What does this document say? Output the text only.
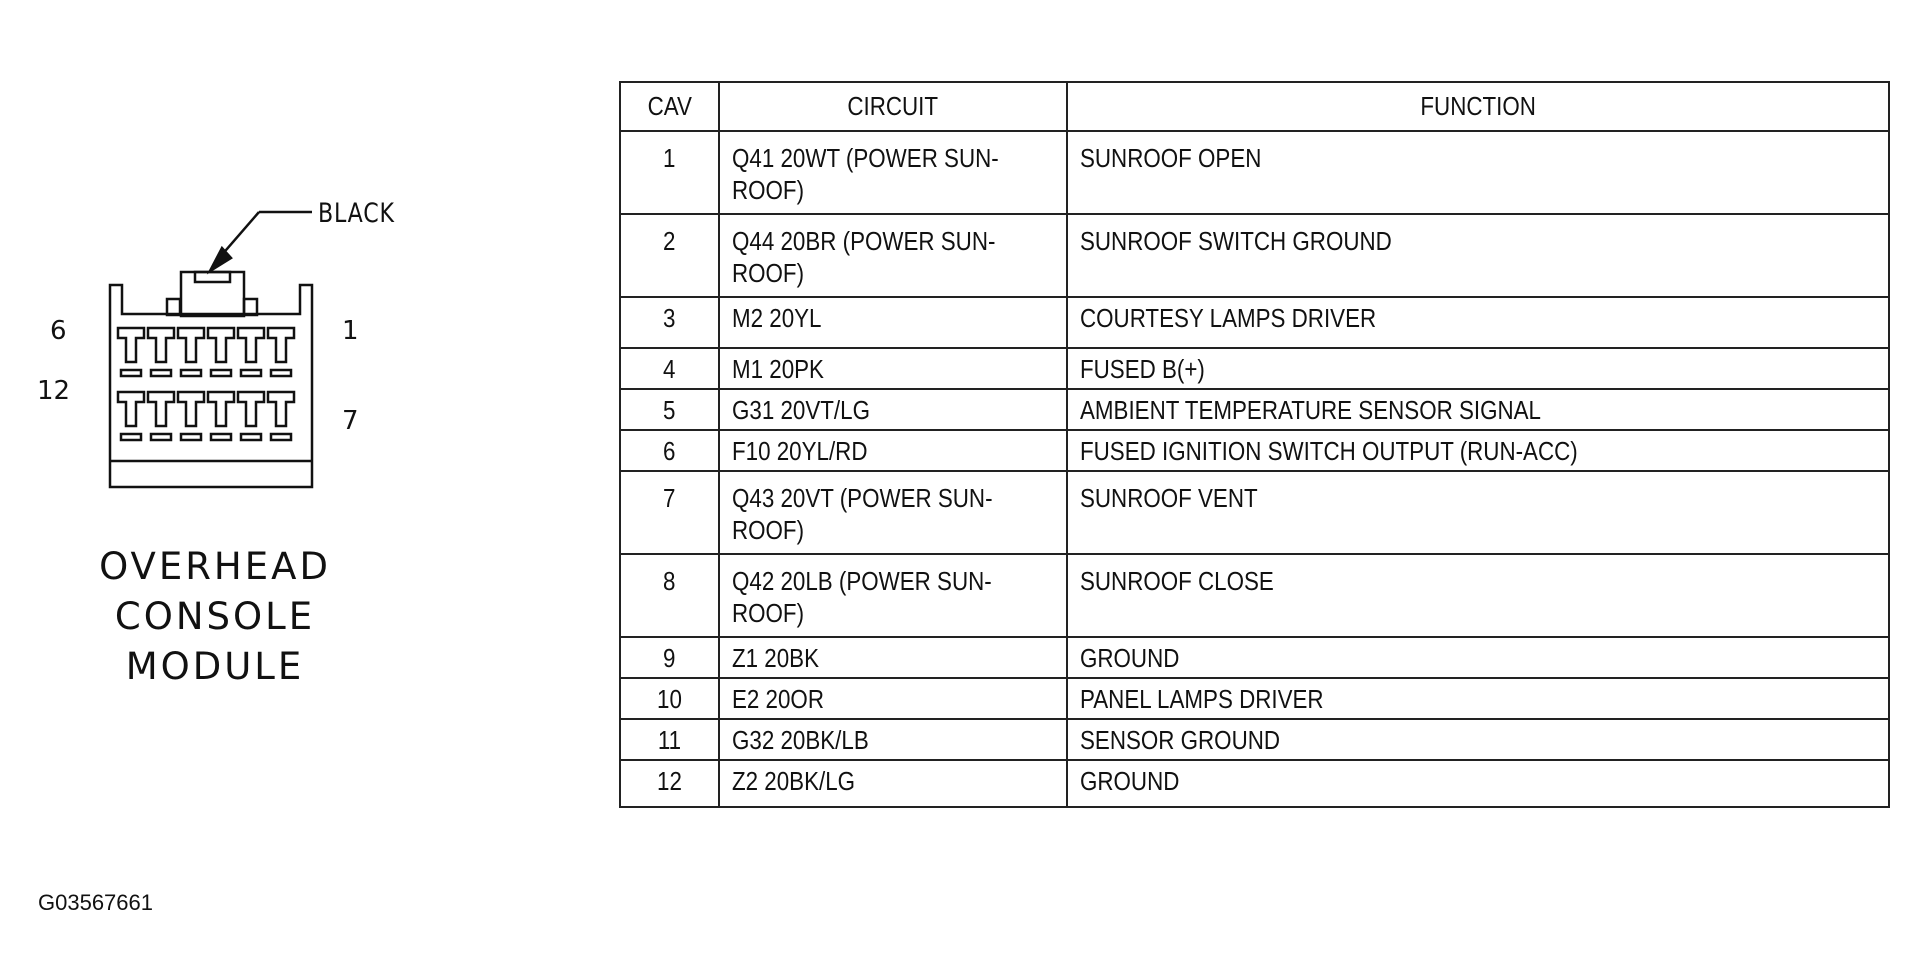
BLACK
6	1
12
7
OVERHEAD
CONSOLE
MODULE
G03567661
CAV	CIRCUIT	FUNCTION
1	Q41 20WT (POWER SUN-
ROOF)	SUNROOF OPEN
2	Q44 20BR (POWER SUN-
ROOF)	SUNROOF SWITCH GROUND
3	M2 20YL	COURTESY LAMPS DRIVER
4	M1 20PK	FUSED B(+)
5	G31 20VT/LG	AMBIENT TEMPERATURE SENSOR SIGNAL
6	F10 20YL/RD	FUSED IGNITION SWITCH OUTPUT (RUN-ACC)
7	Q43 20VT (POWER SUN-
ROOF)	SUNROOF VENT
8	Q42 20LB (POWER SUN-
ROOF)	SUNROOF CLOSE
9	Z1 20BK	GROUND
10	E2 20OR	PANEL LAMPS DRIVER
11	G32 20BK/LB	SENSOR GROUND
12	Z2 20BK/LG	GROUND
